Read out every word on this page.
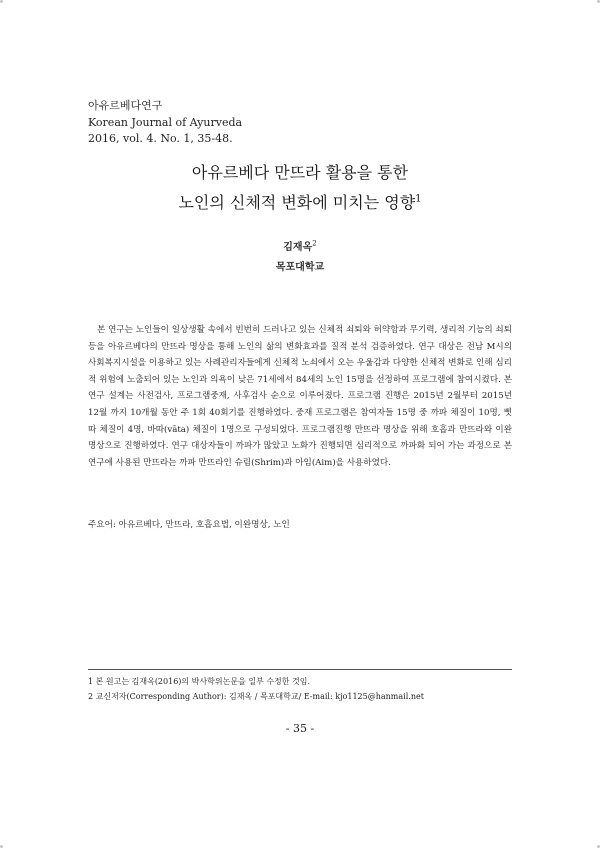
아유르베다연구
Korean Journal of Ayurveda
2016, vol. 4. No. 1, 35-48.
아유르베다 만뜨라 활용을 통한
노인의 신체적 변화에 미치는 영향$^1$
김재옥$^2$
목포대학교

본 연구는 노인들이 일상생활 속에서 빈번히 드러나고 있는 신체적 쇠퇴와 허약함과 무기력, 생리적 기능의 쇠퇴 등을 아유르베다의 만뜨라 명상을 통해 노인의 삶의 변화효과를 질적 분석 검증하였다. 연구 대상은 전남 M시의 사회복지시설을 이용하고 있는 사례관리자들에게 신체적 노쇠에서 오는 우울감과 다양한 신체적 변화로 인해 심리적 위험에 노출되어 있는 노인과 의욕이 낮은 71세에서 84세의 노인 15명을 선정하여 프로그램에 참여시켰다. 본 연구 설계는 사전검사, 프로그램중재, 사후검사 순으로 이루어졌다. 프로그램 진행은 2015년 2월부터 2015년 12월 까지 10개월 동안 주 1회 40회기를 진행하였다. 중재 프로그램은 참여자들 15명 중 까파 체질이 10명, 삣따 체질이 4명, 바따(vāta) 체질이 1명으로 구성되었다. 프로그램진행 만뜨라 명상을 위해 호흡과 만뜨라와 이완 명상으로 진행하였다. 연구 대상자들이 까파가 많았고 노화가 진행되면 심리적으로 까파화 되어 가는 과정으로 본 연구에 사용된 만뜨라는 까파 만뜨라인 슈림(Shrim)과 아임(Aim)을 사용하였다.

주요어: 아유르베다, 만뜨라, 호흡요법, 이완명상, 노인
1 본 원고는 김재옥(2016)의 박사학위논문을 일부 수정한 것임.
2 교신저자(Corresponding Author): 김재옥 / 목포대학교/ E-mail: kjo1125@hanmail.net
- 35 -
